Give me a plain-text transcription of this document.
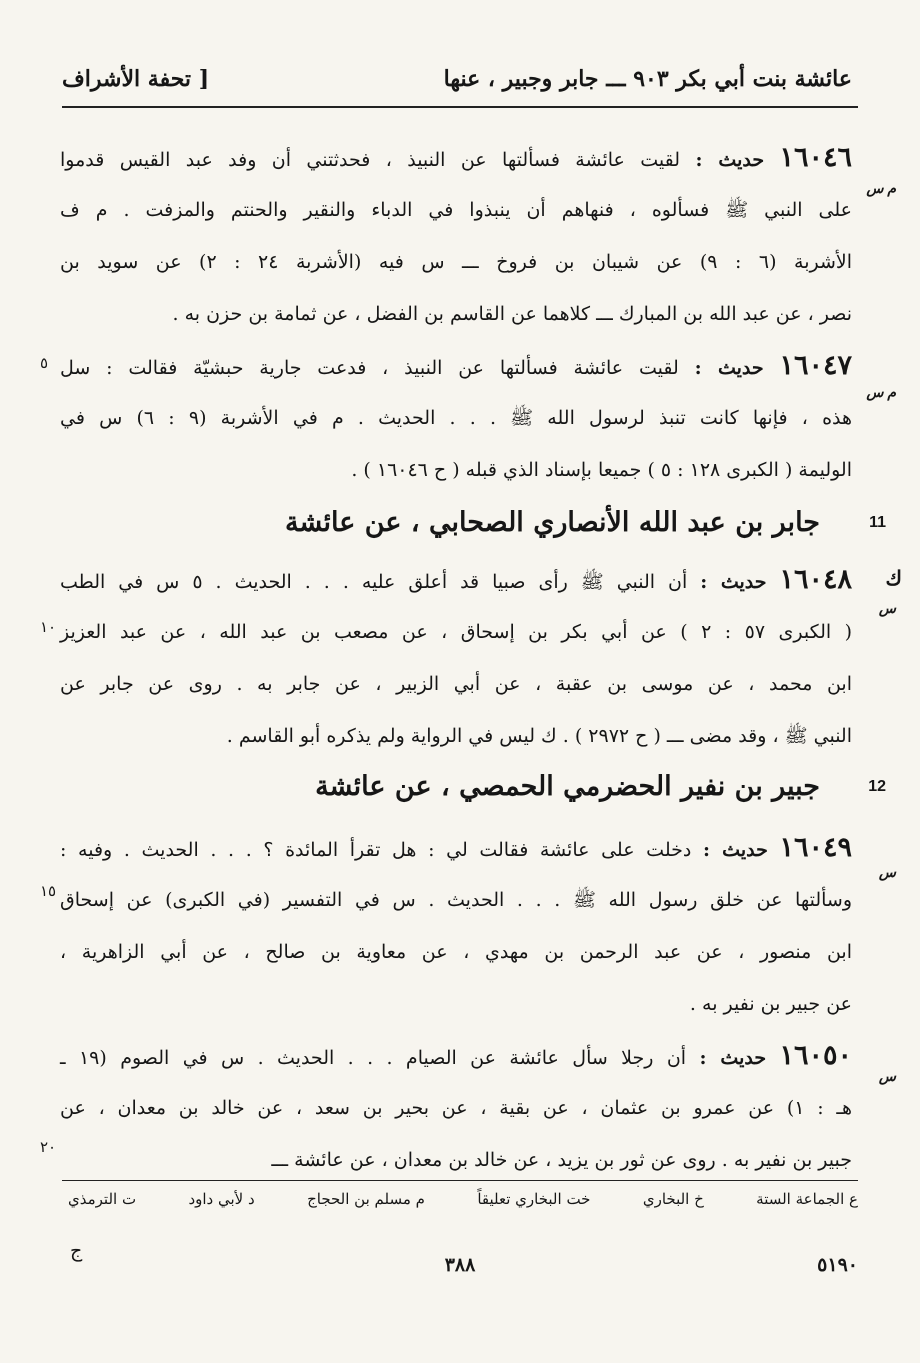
عائشة بنت أبي بكر ٩٠٣ ـــ جابر وجبير ، عنها
[ تحفة الأشراف
١٦٠٤٦ حديث : لقيت عائشة فسألتها عن النبيذ ، فحدثتني أن وفد عبد القيس قدموا
على النبي ﷺ فسألوه ، فنهاهم أن ينبذوا في الدباء والنقير والحنتم والمزفت . م ف
الأشربة (٦ : ٩) عن شيبان بن فروخ ـــ س فيه (الأشربة ٢٤ : ٢) عن سويد بن
نصر ، عن عبد الله بن المبارك ـــ كلاهما عن القاسم بن الفضل ، عن ثمامة بن حزن به .
م س
١٦٠٤٧ حديث : لقيت عائشة فسألتها عن النبيذ ، فدعت جارية حبشيّة فقالت : سل
هذه ، فإنها كانت تنبذ لرسول الله ﷺ . . . الحديث . م في الأشربة (٩ : ٦) س في
الوليمة ( الكبرى ١٢٨ : ٥ ) جميعا بإسناد الذي قبله ( ح ١٦٠٤٦ ) .
م س
٥
جابر بن عبد الله الأنصاري الصحابي ، عن عائشة	11
١٦٠٤٨ حديث : أن النبي ﷺ رأى صبيا قد أعلق عليه . . . الحديث . ٥ س في الطب
( الكبرى ٥٧ : ٢ ) عن أبي بكر بن إسحاق ، عن مصعب بن عبد الله ، عن عبد العزيز
ابن محمد ، عن موسى بن عقبة ، عن أبي الزبير ، عن جابر به . روى عن جابر عن
النبي ﷺ ، وقد مضى ـــ ( ح ٢٩٧٢ ) . ﻙ ليس في الرواية ولم يذكره أبو القاسم .
ﻙ
س
١٠
جبير بن نفير الحضرمي الحمصي ، عن عائشة	12
١٦٠٤٩ حديث : دخلت على عائشة فقالت لي : هل تقرأ المائدة ؟ . . . الحديث . وفيه :
وسألتها عن خلق رسول الله ﷺ . . . الحديث . س في التفسير (في الكبرى) عن إسحاق
ابن منصور ، عن عبد الرحمن بن مهدي ، عن معاوية بن صالح ، عن أبي الزاهرية ،
عن جبير بن نفير به .
س
١٥
١٦٠٥٠ حديث : أن رجلا سأل عائشة عن الصيام . . . الحديث . س في الصوم (١٩ ـ
هـ : ١) عن عمرو بن عثمان ، عن بقية ، عن بحير بن سعد ، عن خالد بن معدان ، عن
جبير بن نفير به . روى عن ثور بن يزيد ، عن خالد بن معدان ، عن عائشة ـــ
س
٢٠
ع الجماعة الستة
خ البخاري
خت البخاري تعليقاً
م مسلم بن الحجاج
د لأبي داود
ت الترمذي
ج
٣٨٨	٥١٩٠
